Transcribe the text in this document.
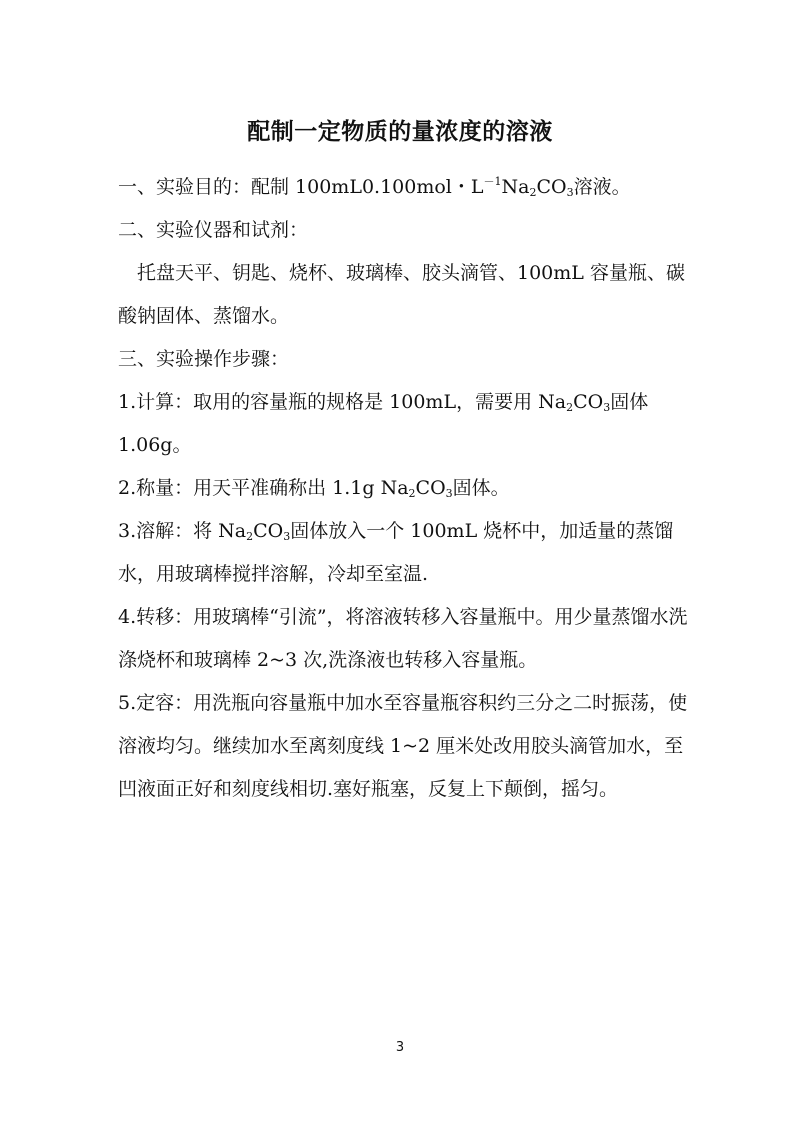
配制一定物质的量浓度的溶液

一、实验目的：配制 100mL0.100mol・$L^{-1}Na_2CO_3$溶液。

二、实验仪器和试剂：

托盘天平、钥匙、烧杯、玻璃棒、胶头滴管、100mL 容量瓶、碳酸钠固体、蒸馏水。

三、实验操作步骤：

1.计算：取用的容量瓶的规格是 100mL，需要用 $Na_2CO_3$固体 1.06g。

2.称量：用天平准确称出 1.1g $Na_2CO_3$固体。

3.溶解：将 $Na_2CO_3$固体放入一个 100mL 烧杯中，加适量的蒸馏水，用玻璃棒搅拌溶解，冷却至室温.

4.转移：用玻璃棒“引流”，将溶液转移入容量瓶中。用少量蒸馏水洗涤烧杯和玻璃棒 2~3 次,洗涤液也转移入容量瓶。

5.定容：用洗瓶向容量瓶中加水至容量瓶容积约三分之二时振荡，使溶液均匀。继续加水至离刻度线 1~2 厘米处改用胶头滴管加水，至凹液面正好和刻度线相切.塞好瓶塞，反复上下颠倒，摇匀。

3
